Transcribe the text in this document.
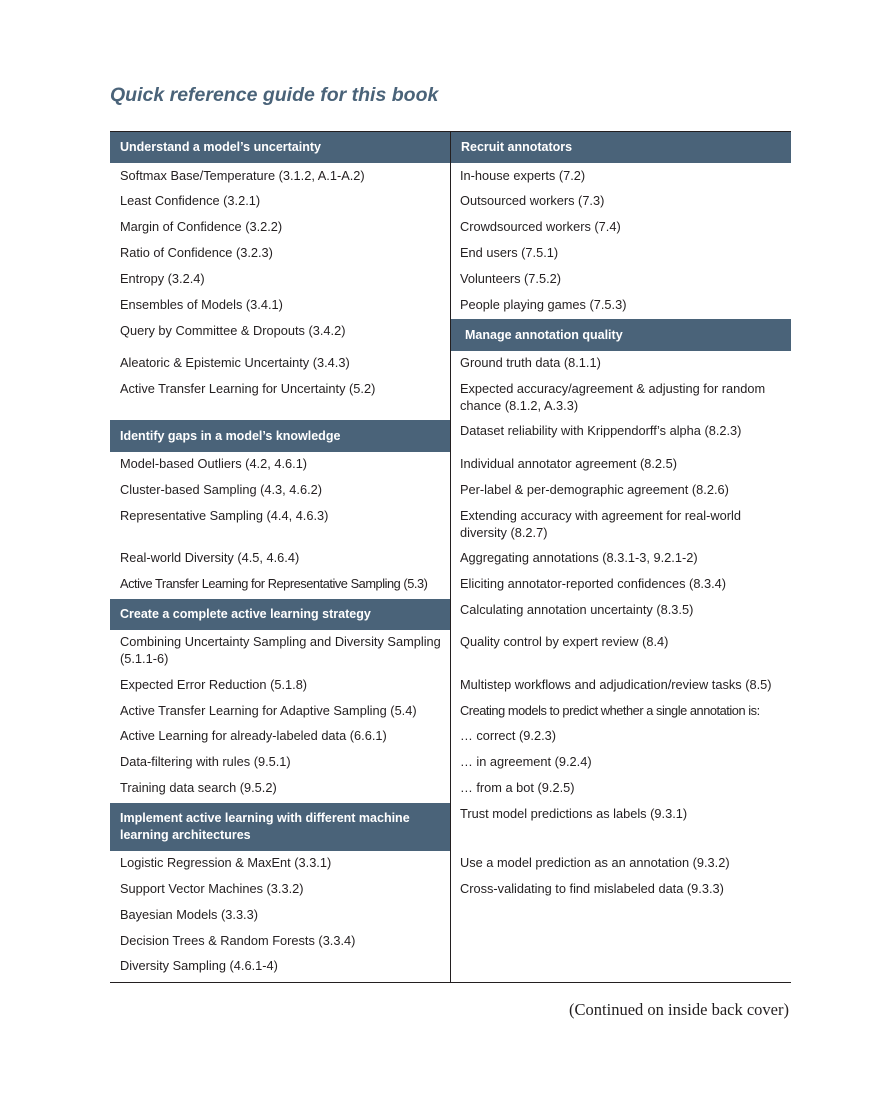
Quick reference guide for this book
Understand a model’s uncertainty
Softmax Base/Temperature (3.1.2, A.1-A.2)
Least Confidence (3.2.1)
Margin of Confidence (3.2.2)
Ratio of Confidence (3.2.3)
Entropy (3.2.4)
Ensembles of Models (3.4.1)
Query by Committee & Dropouts (3.4.2)
Aleatoric & Epistemic Uncertainty (3.4.3)
Active Transfer Learning for Uncertainty (5.2)
Identify gaps in a model’s knowledge
Model-based Outliers (4.2, 4.6.1)
Cluster-based Sampling (4.3, 4.6.2)
Representative Sampling (4.4, 4.6.3)
Real-world Diversity (4.5, 4.6.4)
Active Transfer Learning for Representative Sampling (5.3)
Create a complete active learning strategy
Combining Uncertainty Sampling and Diversity Sampling (5.1.1-6)
Expected Error Reduction (5.1.8)
Active Transfer Learning for Adaptive Sampling (5.4)
Active Learning for already-labeled data (6.6.1)
Data-filtering with rules (9.5.1)
Training data search (9.5.2)
Implement active learning with different machine learning architectures
Logistic Regression & MaxEnt (3.3.1)
Support Vector Machines (3.3.2)
Bayesian Models (3.3.3)
Decision Trees & Random Forests (3.3.4)
Diversity Sampling (4.6.1-4)
Recruit annotators
In-house experts (7.2)
Outsourced workers (7.3)
Crowdsourced workers (7.4)
End users (7.5.1)
Volunteers (7.5.2)
People playing games (7.5.3)
Manage annotation quality
Ground truth data (8.1.1)
Expected accuracy/agreement & adjusting for random chance (8.1.2, A.3.3)
Dataset reliability with Krippendorff’s alpha (8.2.3)
Individual annotator agreement (8.2.5)
Per-label & per-demographic agreement (8.2.6)
Extending accuracy with agreement for real-world diversity (8.2.7)
Aggregating annotations (8.3.1-3, 9.2.1-2)
Eliciting annotator-reported confidences (8.3.4)
Calculating annotation uncertainty (8.3.5)
Quality control by expert review (8.4)
Multistep workflows and adjudication/review tasks (8.5)
Creating models to predict whether a single annotation is:
… correct (9.2.3)
… in agreement (9.2.4)
… from a bot (9.2.5)
Trust model predictions as labels (9.3.1)
Use a model prediction as an annotation (9.3.2)
Cross-validating to find mislabeled data (9.3.3)
(Continued on inside back cover)
